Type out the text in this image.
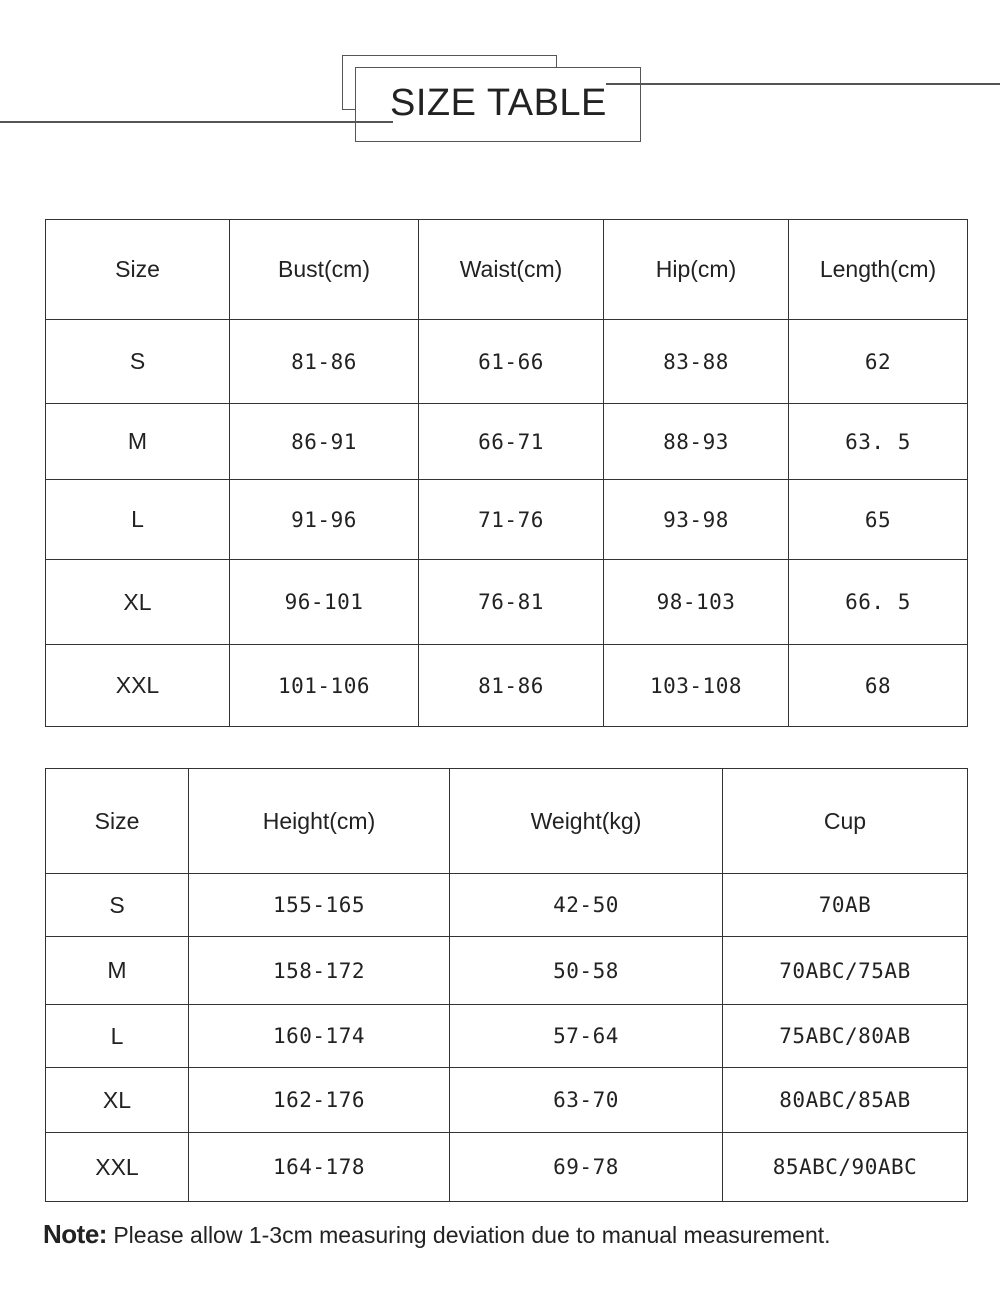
SIZE TABLE
Size	Bust(cm)	Waist(cm)	Hip(cm)	Length(cm)
S	81-86	61-66	83-88	62
M	86-91	66-71	88-93	63. 5
L	91-96	71-76	93-98	65
XL	96-101	76-81	98-103	66. 5
XXL	101-106	81-86	103-108	68
Size	Height(cm)	Weight(kg)	Cup
S	155-165	42-50	70AB
M	158-172	50-58	70ABC/75AB
L	160-174	57-64	75ABC/80AB
XL	162-176	63-70	80ABC/85AB
XXL	164-178	69-78	85ABC/90ABC
Note: Please allow 1-3cm measuring deviation due to manual measurement.
